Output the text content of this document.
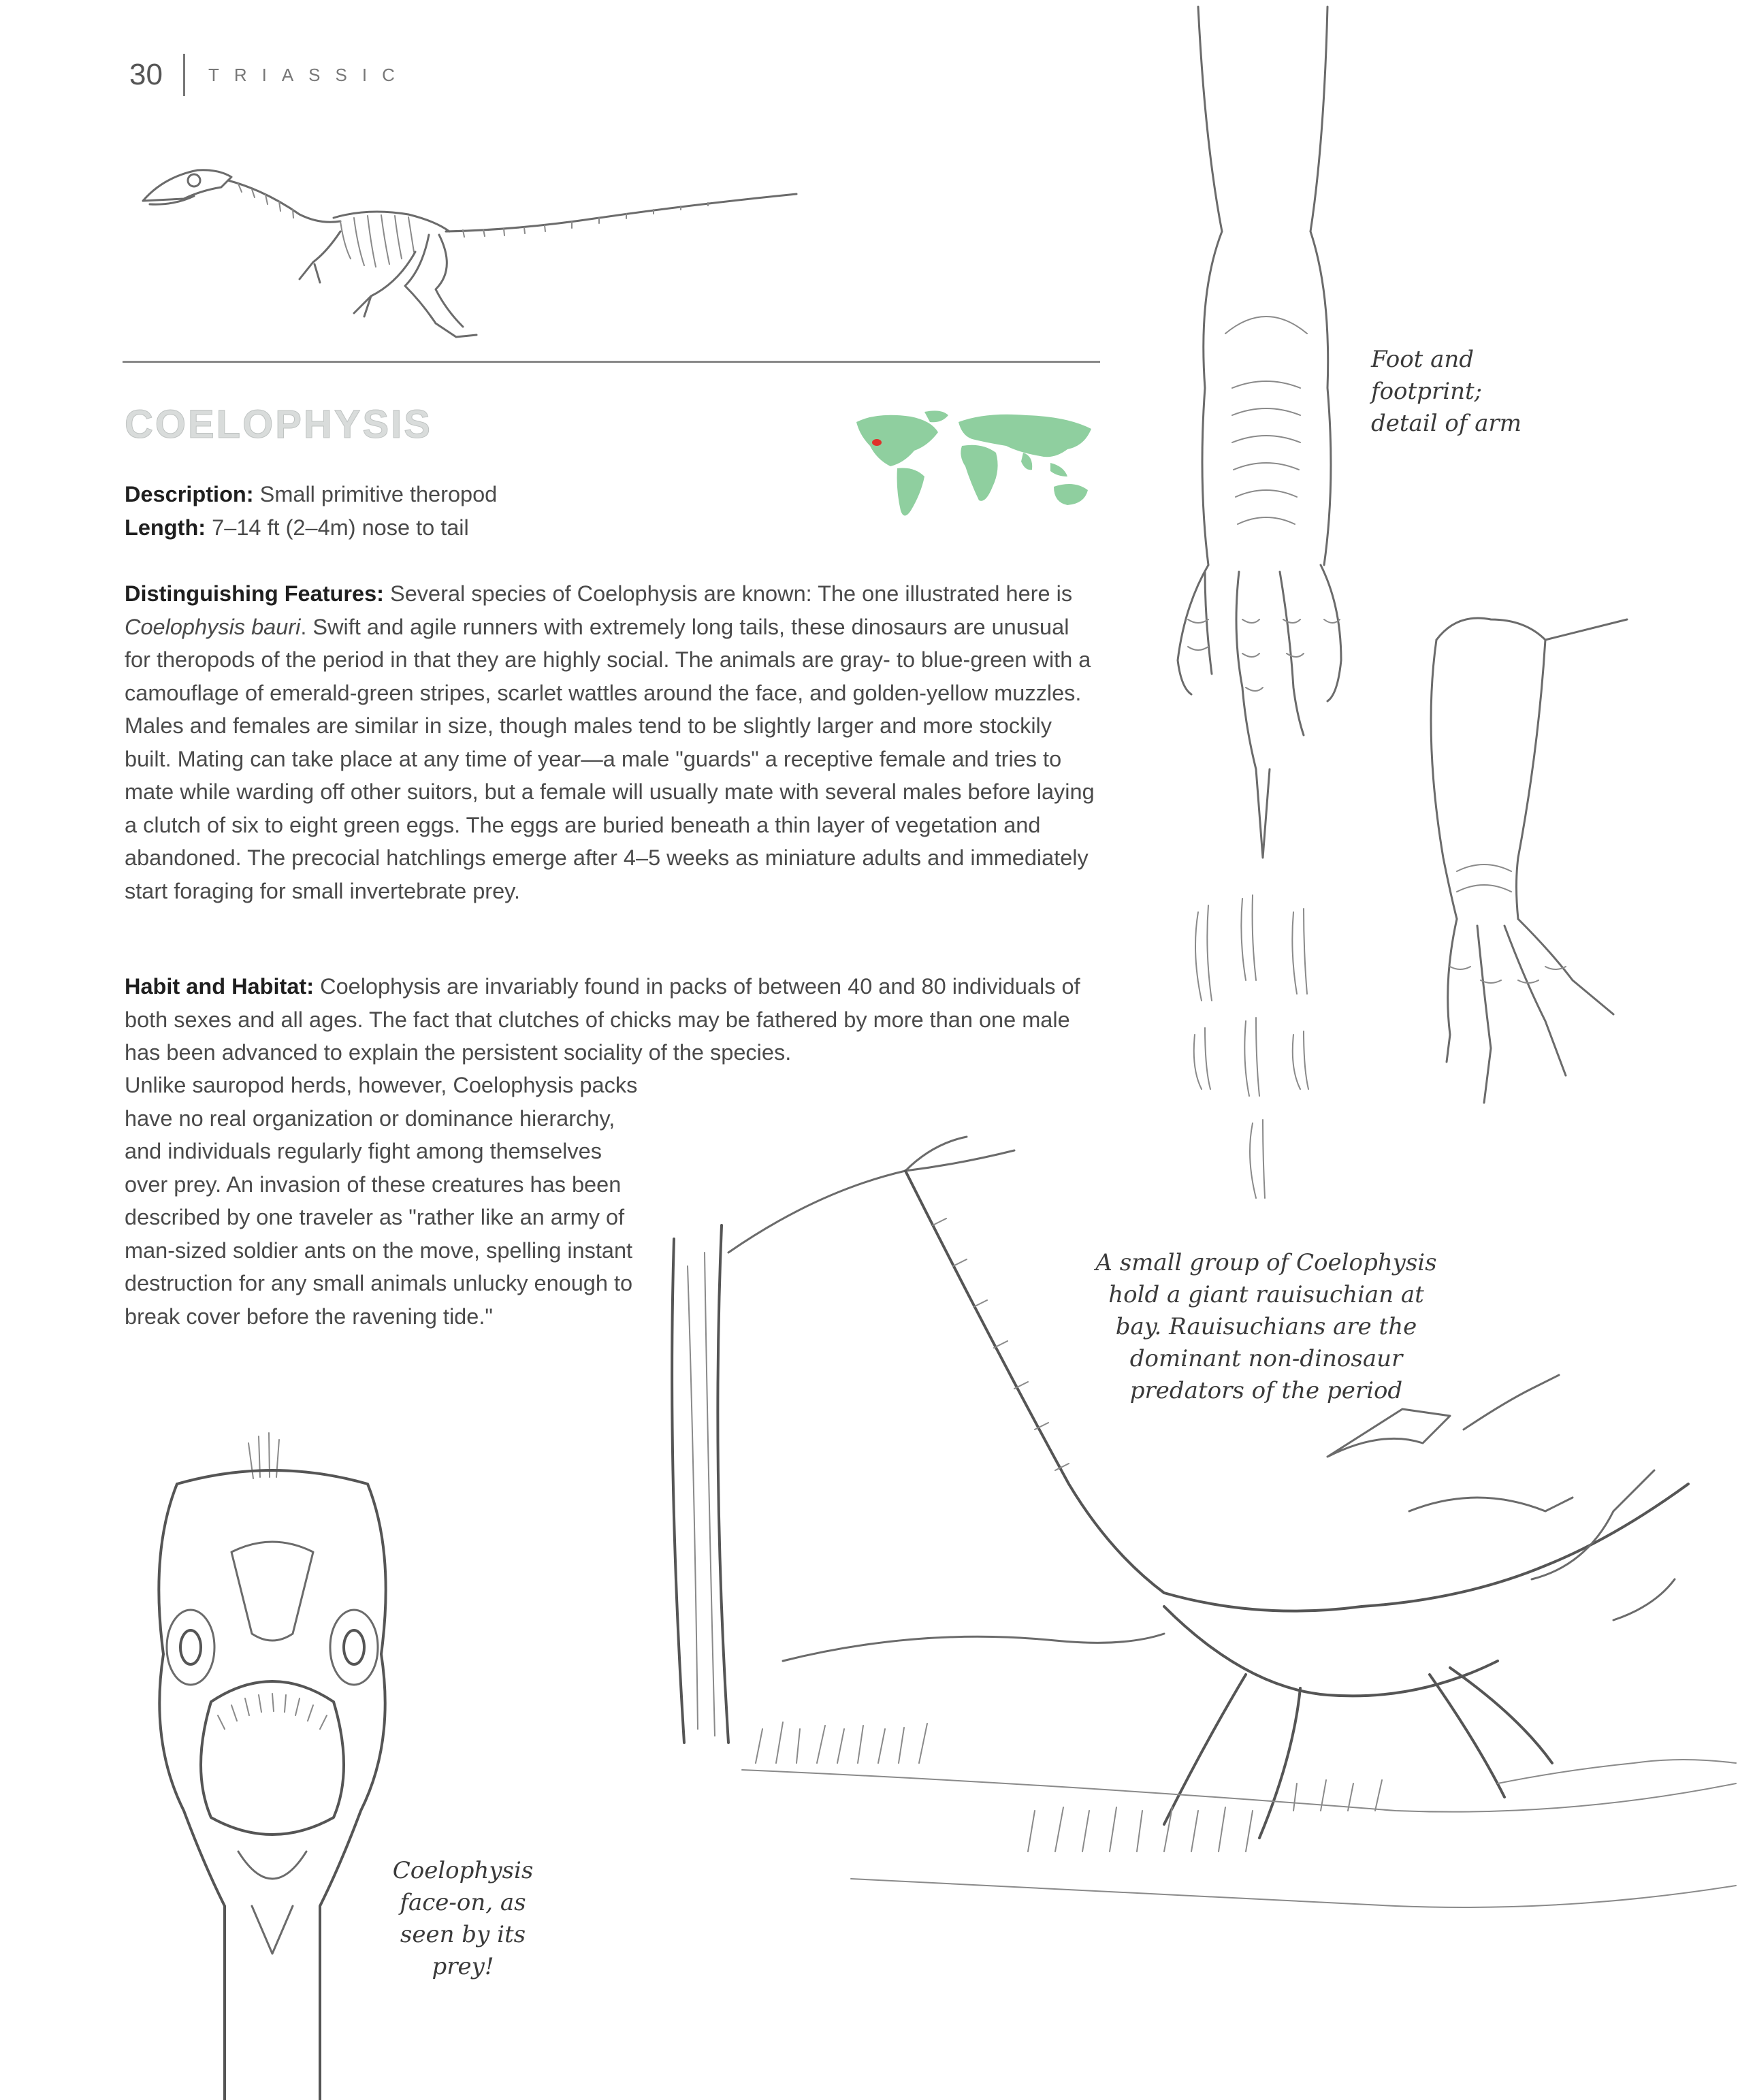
30	TRIASSIC
COELOPHYSIS
Description: Small primitive theropod
Length: 7–14 ft (2–4m) nose to tail
Distinguishing Features: Several species of Coelophysis are known: The one illustrated here is Coelophysis bauri. Swift and agile runners with extremely long tails, these dinosaurs are unusual for theropods of the period in that they are highly social. The animals are gray- to blue-green with a camouflage of emerald-green stripes, scarlet wattles around the face, and golden-yellow muzzles. Males and females are similar in size, though males tend to be slightly larger and more stockily built. Mating can take place at any time of year—a male "guards" a receptive female and tries to mate while warding off other suitors, but a female will usually mate with several males before laying a clutch of six to eight green eggs. The eggs are buried beneath a thin layer of vegetation and abandoned. The precocial hatchlings emerge after 4–5 weeks as miniature adults and immediately start foraging for small invertebrate prey.
Habit and Habitat: Coelophysis are invariably found in packs of between 40 and 80 individuals of both sexes and all ages. The fact that clutches of chicks may be fathered by more than one male has been advanced to explain the persistent sociality of the species.
Unlike sauropod herds, however, Coelophysis packs have no real organization or dominance hierarchy, and individuals regularly fight among themselves over prey. An invasion of these creatures has been described by one traveler as "rather like an army of man-sized soldier ants on the move, spelling instant destruction for any small animals unlucky enough to break cover before the ravening tide."
Foot and footprint; detail of arm
A small group of Coelophysis hold a giant rauisuchian at bay. Rauisuchians are the dominant non-dinosaur predators of the period
Coelophysis face-on, as seen by its prey!
